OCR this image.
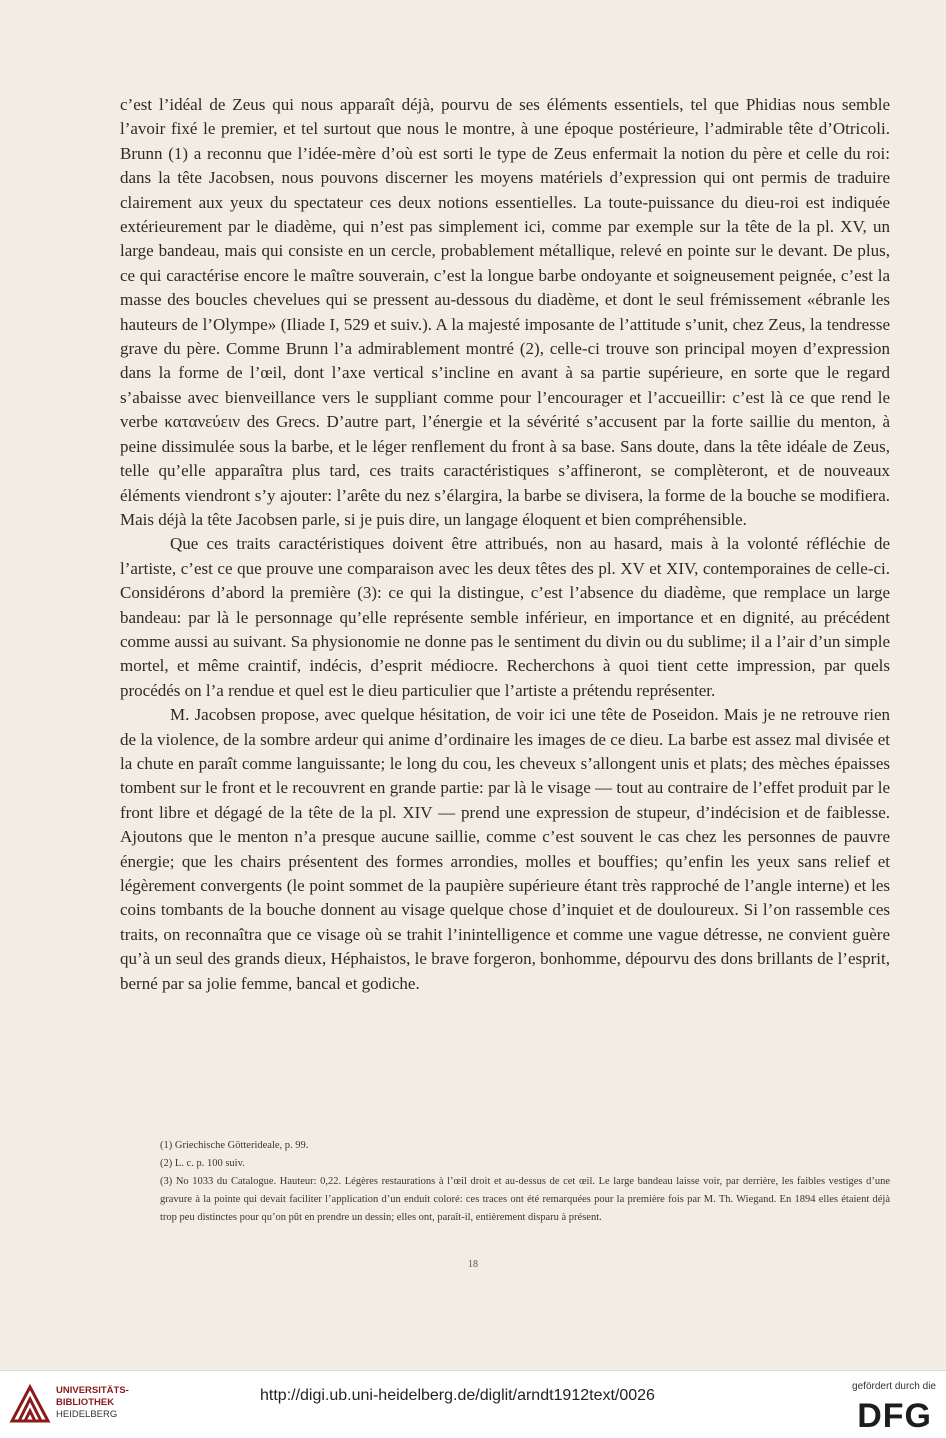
c’est l’idéal de Zeus qui nous apparaît déjà, pourvu de ses éléments essentiels, tel que Phidias nous semble l’avoir fixé le premier, et tel surtout que nous le montre, à une époque postérieure, l’admirable tête d’Otricoli. Brunn (1) a reconnu que l’idée-mère d’où est sorti le type de Zeus enfermait la notion du père et celle du roi: dans la tête Jacobsen, nous pouvons discerner les moyens matériels d’expression qui ont permis de traduire clairement aux yeux du spectateur ces deux notions essentielles. La toute-puissance du dieu-roi est indiquée extérieurement par le diadème, qui n’est pas simplement ici, comme par exemple sur la tête de la pl. XV, un large bandeau, mais qui consiste en un cercle, probablement métallique, relevé en pointe sur le devant. De plus, ce qui caractérise encore le maître souverain, c’est la longue barbe ondoyante et soigneusement peignée, c’est la masse des boucles chevelues qui se pressent au-dessous du diadème, et dont le seul frémissement «ébranle les hauteurs de l’Olympe» (Iliade I, 529 et suiv.). A la majesté imposante de l’attitude s’unit, chez Zeus, la tendresse grave du père. Comme Brunn l’a admirablement montré (2), celle-ci trouve son principal moyen d’expression dans la forme de l’œil, dont l’axe vertical s’incline en avant à sa partie supérieure, en sorte que le regard s’abaisse avec bienveillance vers le suppliant comme pour l’encourager et l’accueillir: c’est là ce que rend le verbe κατανεύειν des Grecs. D’autre part, l’énergie et la sévérité s’accusent par la forte saillie du menton, à peine dissimulée sous la barbe, et le léger renflement du front à sa base. Sans doute, dans la tête idéale de Zeus, telle qu’elle apparaîtra plus tard, ces traits caractéristiques s’affineront, se complèteront, et de nouveaux éléments viendront s’y ajouter: l’arête du nez s’élargira, la barbe se divisera, la forme de la bouche se modifiera. Mais déjà la tête Jacobsen parle, si je puis dire, un langage éloquent et bien compréhensible.

Que ces traits caractéristiques doivent être attribués, non au hasard, mais à la volonté réfléchie de l’artiste, c’est ce que prouve une comparaison avec les deux têtes des pl. XV et XIV, contemporaines de celle-ci. Considérons d’abord la première (3): ce qui la distingue, c’est l’absence du diadème, que remplace un large bandeau: par là le personnage qu’elle représente semble inférieur, en importance et en dignité, au précédent comme aussi au suivant. Sa physionomie ne donne pas le sentiment du divin ou du sublime; il a l’air d’un simple mortel, et même craintif, indécis, d’esprit médiocre. Recherchons à quoi tient cette impression, par quels procédés on l’a rendue et quel est le dieu particulier que l’artiste a prétendu représenter.

M. Jacobsen propose, avec quelque hésitation, de voir ici une tête de Poseidon. Mais je ne retrouve rien de la violence, de la sombre ardeur qui anime d’ordinaire les images de ce dieu. La barbe est assez mal divisée et la chute en paraît comme languissante; le long du cou, les cheveux s’allongent unis et plats; des mèches épaisses tombent sur le front et le recouvrent en grande partie: par là le visage — tout au contraire de l’effet produit par le front libre et dégagé de la tête de la pl. XIV — prend une expression de stupeur, d’indécision et de faiblesse. Ajoutons que le menton n’a presque aucune saillie, comme c’est souvent le cas chez les personnes de pauvre énergie; que les chairs présentent des formes arrondies, molles et bouffies; qu’enfin les yeux sans relief et légèrement convergents (le point sommet de la paupière supérieure étant très rapproché de l’angle interne) et les coins tombants de la bouche donnent au visage quelque chose d’inquiet et de douloureux. Si l’on rassemble ces traits, on reconnaîtra que ce visage où se trahit l’inintelligence et comme une vague détresse, ne convient guère qu’à un seul des grands dieux, Héphaistos, le brave forgeron, bonhomme, dépourvu des dons brillants de l’esprit, berné par sa jolie femme, bancal et godiche.

(1) Griechische Götterideale, p. 99.

(2) L. c. p. 100 suiv.

(3) No 1033 du Catalogue. Hauteur: 0,22. Légères restaurations à l’œil droit et au-dessus de cet œil. Le large bandeau laisse voir, par derrière, les faibles vestiges d’une gravure à la pointe qui devait faciliter l’application d’un enduit coloré: ces traces ont été remarquées pour la première fois par M. Th. Wiegand. En 1894 elles étaient déjà trop peu distinctes pour qu’on pût en prendre un dessin; elles ont, paraît-il, entièrement disparu à présent.

18
UNIVERSITÄTS-
BIBLIOTHEK
HEIDELBERG
http://digi.ub.uni-heidelberg.de/diglit/arndt1912text/0026
gefördert durch die
DFG
